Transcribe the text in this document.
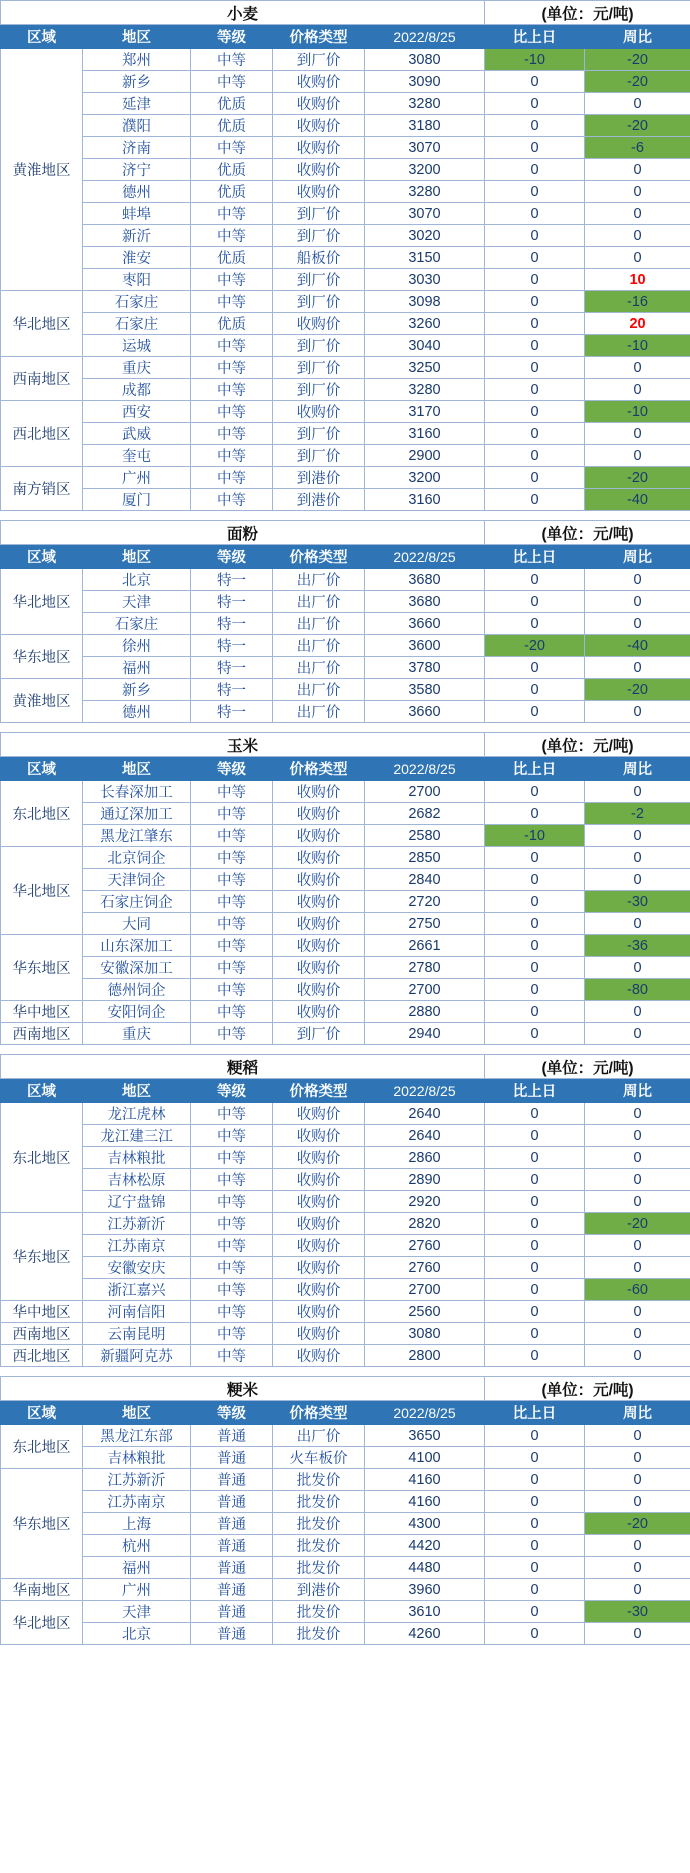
小麦					(单位：元/吨)	
区域	地区	等级	价格类型	2022/8/25	比上日	周比
黄淮地区	郑州	中等	到厂价	3080	-10	-20
	新乡	中等	收购价	3090	0	-20
	延津	优质	收购价	3280	0	0
	濮阳	优质	收购价	3180	0	-20
	济南	中等	收购价	3070	0	-6
	济宁	优质	收购价	3200	0	0
	德州	优质	收购价	3280	0	0
	蚌埠	中等	到厂价	3070	0	0
	新沂	中等	到厂价	3020	0	0
	淮安	优质	船板价	3150	0	0
	枣阳	中等	到厂价	3030	0	10
华北地区	石家庄	中等	到厂价	3098	0	-16
	石家庄	优质	收购价	3260	0	20
	运城	中等	到厂价	3040	0	-10
西南地区	重庆	中等	到厂价	3250	0	0
	成都	中等	到厂价	3280	0	0
西北地区	西安	中等	收购价	3170	0	-10
	武威	中等	到厂价	3160	0	0
	奎屯	中等	到厂价	2900	0	0
南方销区	广州	中等	到港价	3200	0	-20
	厦门	中等	到港价	3160	0	-40
面粉					(单位：元/吨)	
区域	地区	等级	价格类型	2022/8/25	比上日	周比
华北地区	北京	特一	出厂价	3680	0	0
	天津	特一	出厂价	3680	0	0
	石家庄	特一	出厂价	3660	0	0
华东地区	徐州	特一	出厂价	3600	-20	-40
	福州	特一	出厂价	3780	0	0
黄淮地区	新乡	特一	出厂价	3580	0	-20
	德州	特一	出厂价	3660	0	0
玉米					(单位：元/吨)	
区域	地区	等级	价格类型	2022/8/25	比上日	周比
东北地区	长春深加工	中等	收购价	2700	0	0
	通辽深加工	中等	收购价	2682	0	-2
	黑龙江肇东	中等	收购价	2580	-10	0
华北地区	北京饲企	中等	收购价	2850	0	0
	天津饲企	中等	收购价	2840	0	0
	石家庄饲企	中等	收购价	2720	0	-30
	大同	中等	收购价	2750	0	0
华东地区	山东深加工	中等	收购价	2661	0	-36
	安徽深加工	中等	收购价	2780	0	0
	德州饲企	中等	收购价	2700	0	-80
华中地区	安阳饲企	中等	收购价	2880	0	0
西南地区	重庆	中等	到厂价	2940	0	0
粳稻					(单位：元/吨)	
区域	地区	等级	价格类型	2022/8/25	比上日	周比
东北地区	龙江虎林	中等	收购价	2640	0	0
	龙江建三江	中等	收购价	2640	0	0
	吉林粮批	中等	收购价	2860	0	0
	吉林松原	中等	收购价	2890	0	0
	辽宁盘锦	中等	收购价	2920	0	0
华东地区	江苏新沂	中等	收购价	2820	0	-20
	江苏南京	中等	收购价	2760	0	0
	安徽安庆	中等	收购价	2760	0	0
	浙江嘉兴	中等	收购价	2700	0	-60
华中地区	河南信阳	中等	收购价	2560	0	0
西南地区	云南昆明	中等	收购价	3080	0	0
西北地区	新疆阿克苏	中等	收购价	2800	0	0
粳米					(单位：元/吨)	
区域	地区	等级	价格类型	2022/8/25	比上日	周比
东北地区	黑龙江东部	普通	出厂价	3650	0	0
	吉林粮批	普通	火车板价	4100	0	0
华东地区	江苏新沂	普通	批发价	4160	0	0
	江苏南京	普通	批发价	4160	0	0
	上海	普通	批发价	4300	0	-20
	杭州	普通	批发价	4420	0	0
	福州	普通	批发价	4480	0	0
华南地区	广州	普通	到港价	3960	0	0
华北地区	天津	普通	批发价	3610	0	-30
	北京	普通	批发价	4260	0	0
